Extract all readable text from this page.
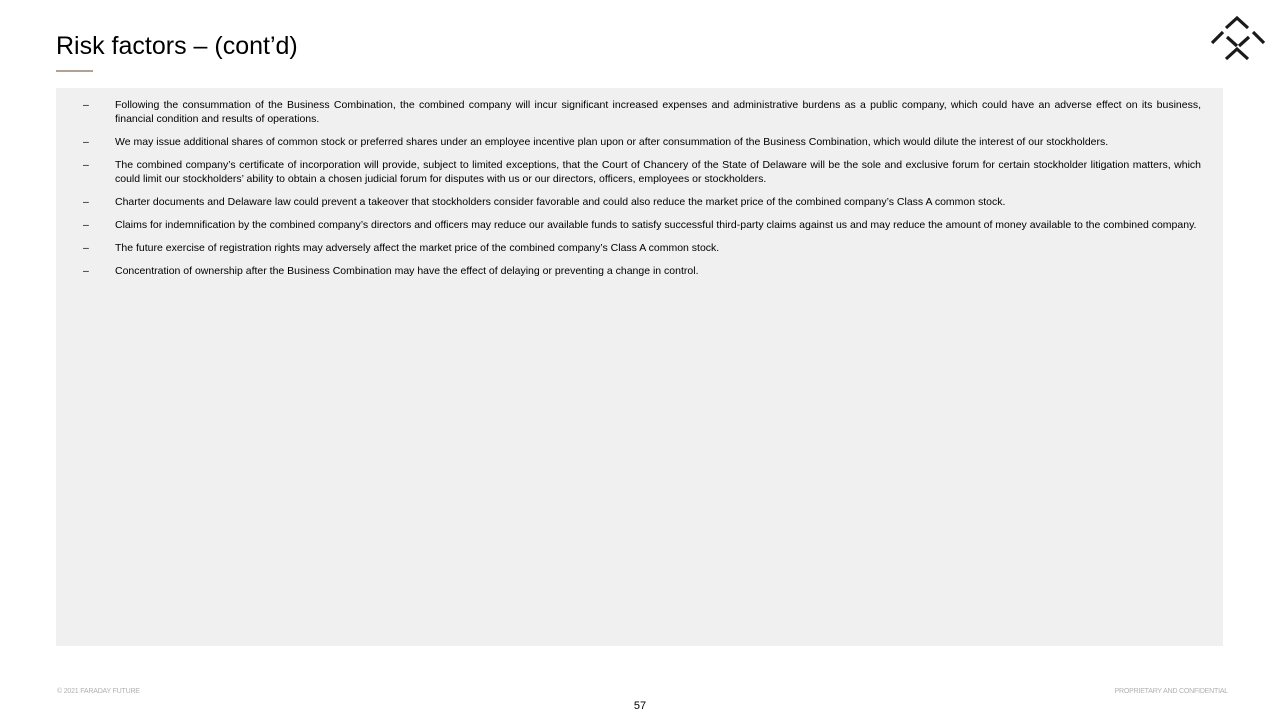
Risk factors – (cont’d)
– Following the consummation of the Business Combination, the combined company will incur significant increased expenses and administrative burdens as a public company, which could have an adverse effect on its business, financial condition and results of operations.
– We may issue additional shares of common stock or preferred shares under an employee incentive plan upon or after consummation of the Business Combination, which would dilute the interest of our stockholders.
– The combined company’s certificate of incorporation will provide, subject to limited exceptions, that the Court of Chancery of the State of Delaware will be the sole and exclusive forum for certain stockholder litigation matters, which could limit our stockholders’ ability to obtain a chosen judicial forum for disputes with us or our directors, officers, employees or stockholders.
– Charter documents and Delaware law could prevent a takeover that stockholders consider favorable and could also reduce the market price of the combined company’s Class A common stock.
– Claims for indemnification by the combined company’s directors and officers may reduce our available funds to satisfy successful third-party claims against us and may reduce the amount of money available to the combined company.
– The future exercise of registration rights may adversely affect the market price of the combined company’s Class A common stock.
– Concentration of ownership after the Business Combination may have the effect of delaying or preventing a change in control.
© 2021 FARADAY FUTURE	PROPRIETARY AND CONFIDENTIAL
57
